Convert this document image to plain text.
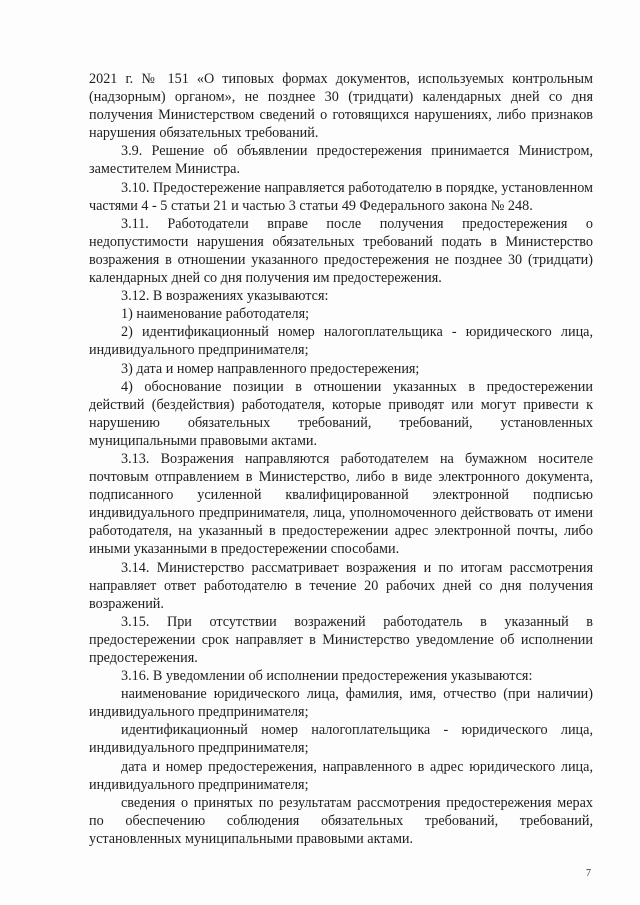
2021 г. № 151 «О типовых формах документов, используемых контрольным (надзорным) органом», не позднее 30 (тридцати) календарных дней со дня получения Министерством сведений о готовящихся нарушениях, либо признаков нарушения обязательных требований.

3.9. Решение об объявлении предостережения принимается Министром, заместителем Министра.

3.10. Предостережение направляется работодателю в порядке, установленном частями 4 - 5 статьи 21 и частью 3 статьи 49 Федерального закона № 248.

3.11. Работодатели вправе после получения предостережения о недопустимости нарушения обязательных требований подать в Министерство возражения в отношении указанного предостережения не позднее 30 (тридцати) календарных дней со дня получения им предостережения.

3.12. В возражениях указываются:

1) наименование работодателя;

2) идентификационный номер налогоплательщика - юридического лица, индивидуального предпринимателя;

3) дата и номер направленного предостережения;

4) обоснование позиции в отношении указанных в предостережении действий (бездействия) работодателя, которые приводят или могут привести к нарушению обязательных требований, требований, установленных муниципальными правовыми актами.

3.13. Возражения направляются работодателем на бумажном носителе почтовым отправлением в Министерство, либо в виде электронного документа, подписанного усиленной квалифицированной электронной подписью индивидуального предпринимателя, лица, уполномоченного действовать от имени работодателя, на указанный в предостережении адрес электронной почты, либо иными указанными в предостережении способами.

3.14. Министерство рассматривает возражения и по итогам рассмотрения направляет ответ работодателю в течение 20 рабочих дней со дня получения возражений.

3.15. При отсутствии возражений работодатель в указанный в предостережении срок направляет в Министерство уведомление об исполнении предостережения.

3.16. В уведомлении об исполнении предостережения указываются:

наименование юридического лица, фамилия, имя, отчество (при наличии) индивидуального предпринимателя;

идентификационный номер налогоплательщика - юридического лица, индивидуального предпринимателя;

дата и номер предостережения, направленного в адрес юридического лица, индивидуального предпринимателя;

сведения о принятых по результатам рассмотрения предостережения мерах по обеспечению соблюдения обязательных требований, требований, установленных муниципальными правовыми актами.

7
